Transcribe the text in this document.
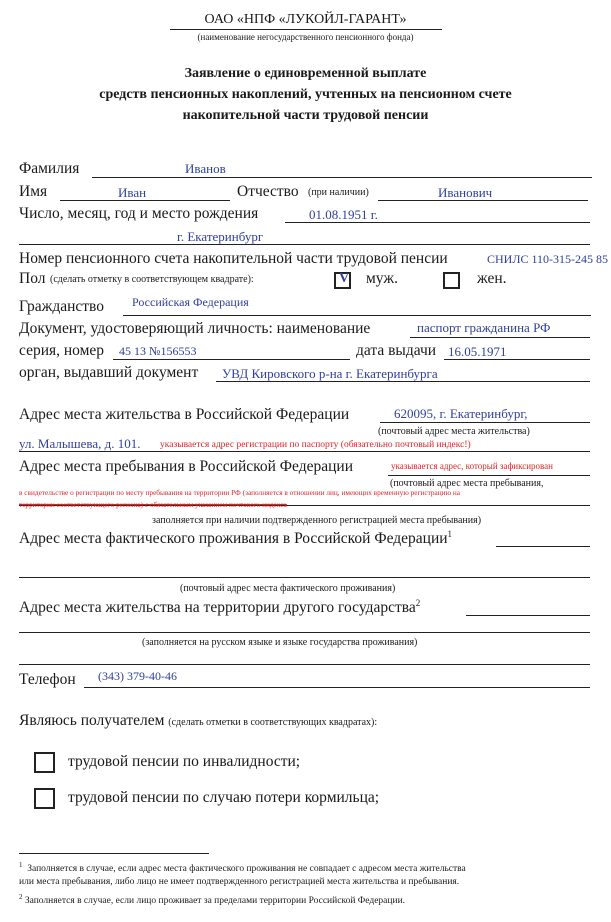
ОАО «НПФ «ЛУКОЙЛ-ГАРАНТ»
(наименование негосударственного пенсионного фонда)
Заявление о единовременной выплате
средств пенсионных накоплений, учтенных на пенсионном счете
накопительной части трудовой пенсии
Фамилия	Иванов
Имя	Иван	Отчество (при наличии)	Иванович
Число, месяц, год и место рождения	01.08.1951 г.
г. Екатеринбург
Номер пенсионного счета накопительной части трудовой пенсии	СНИЛС 110-315-245 85
Пол (сделать отметку в соответствующем квадрате):	V муж.	жен.
Гражданство Российская Федерация
Документ, удостоверяющий личность: наименование	паспорт гражданина РФ
серия, номер 45 13 №156553	дата выдачи 16.05.1971
орган, выдавший документ УВД Кировского р-на г. Екатеринбурга
Адрес места жительства в Российской Федерации	620095, г. Екатеринбург,
(почтовый адрес места жительства)
ул. Малышева, д. 101. указывается адрес регистрации по паспорту (обязательно почтовый индекс!)
Адрес места пребывания в Российской Федерации	указывается адрес, который зафиксирован
(почтовый адрес места пребывания,
в свидетельстве о регистрации по месту пребывания на территории РФ (заполняется в отношении лиц, имеющих временную регистрацию на
территории соответствующего региона) с обязательным указанием почтового индекса
заполняется при наличии подтвержденного регистрацией места пребывания)
Адрес места фактического проживания в Российской Федерации$^1$
(почтовый адрес места фактического проживания)
Адрес места жительства на территории другого государства$^2$
(заполняется на русском языке и языке государства проживания)
Телефон (343) 379-40-46
Являюсь получателем (сделать отметки в соответствующих квадратах):
трудовой пенсии по инвалидности;
трудовой пенсии по случаю потери кормильца;
$^1$ Заполняется в случае, если адрес места фактического проживания не совпадает с адресом места жительства
или места пребывания, либо лицо не имеет подтвержденного регистрацией места жительства и пребывания.
$^2$ Заполняется в случае, если лицо проживает за пределами территории Российской Федерации.
